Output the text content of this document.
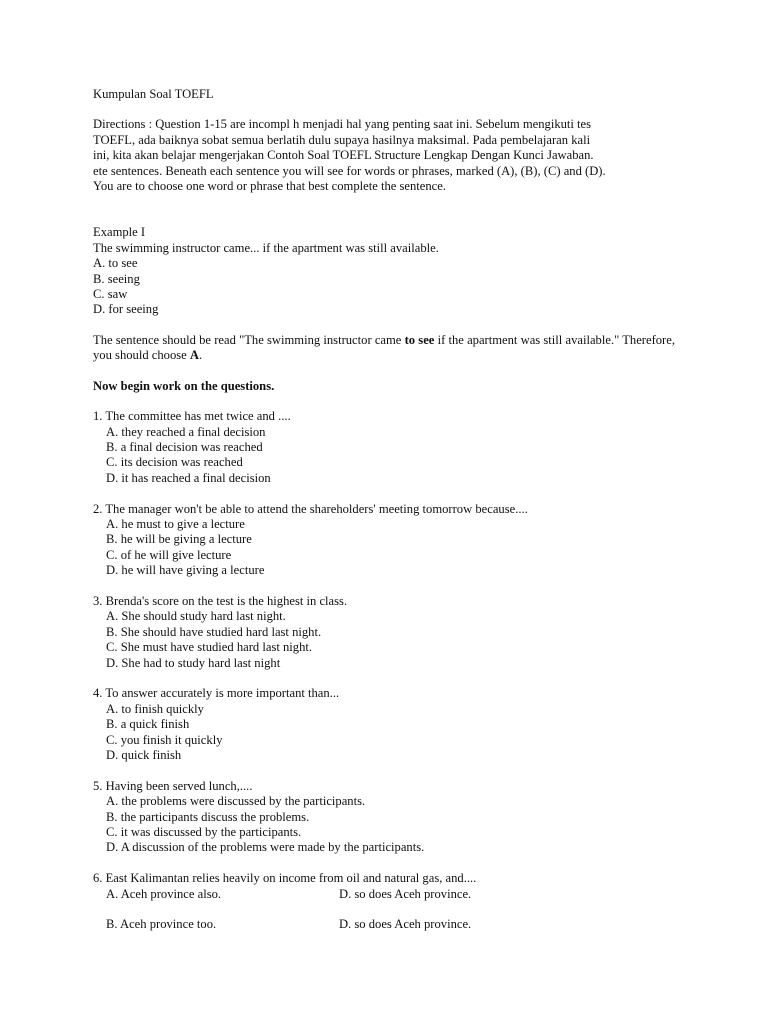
Kumpulan Soal TOEFL
Directions : Question 1-15 are incompl h menjadi hal yang penting saat ini. Sebelum mengikuti tes
TOEFL, ada baiknya sobat semua berlatih dulu supaya hasilnya maksimal. Pada pembelajaran kali
ini, kita akan belajar mengerjakan Contoh Soal TOEFL Structure Lengkap Dengan Kunci Jawaban.
ete sentences. Beneath each sentence you will see for words or phrases, marked (A), (B), (C) and (D).
You are to choose one word or phrase that best complete the sentence.
Example I
The swimming instructor came... if the apartment was still available.
A. to see
B. seeing
C. saw
D. for seeing
The sentence should be read "The swimming instructor came to see if the apartment was still available." Therefore, you should choose A.
Now begin work on the questions.
1. The committee has met twice and ....
A. they reached a final decision
B. a final decision was reached
C. its decision was reached
D. it has reached a final decision
2. The manager won't be able to attend the shareholders' meeting tomorrow because....
A. he must to give a lecture
B. he will be giving a lecture
C. of he will give lecture
D. he will have giving a lecture
3. Brenda's score on the test is the highest in class.
A. She should study hard last night.
B. She should have studied hard last night.
C. She must have studied hard last night.
D. She had to study hard last night
4. To answer accurately is more important than...
A. to finish quickly
B. a quick finish
C. you finish it quickly
D. quick finish
5. Having been served lunch,....
A. the problems were discussed by the participants.
B. the participants discuss the problems.
C. it was discussed by the participants.
D. A discussion of the problems were made by the participants.
6. East Kalimantan relies heavily on income from oil and natural gas, and....
A. Aceh province also.	D. so does Aceh province.
B. Aceh province too.	D. so does Aceh province.
